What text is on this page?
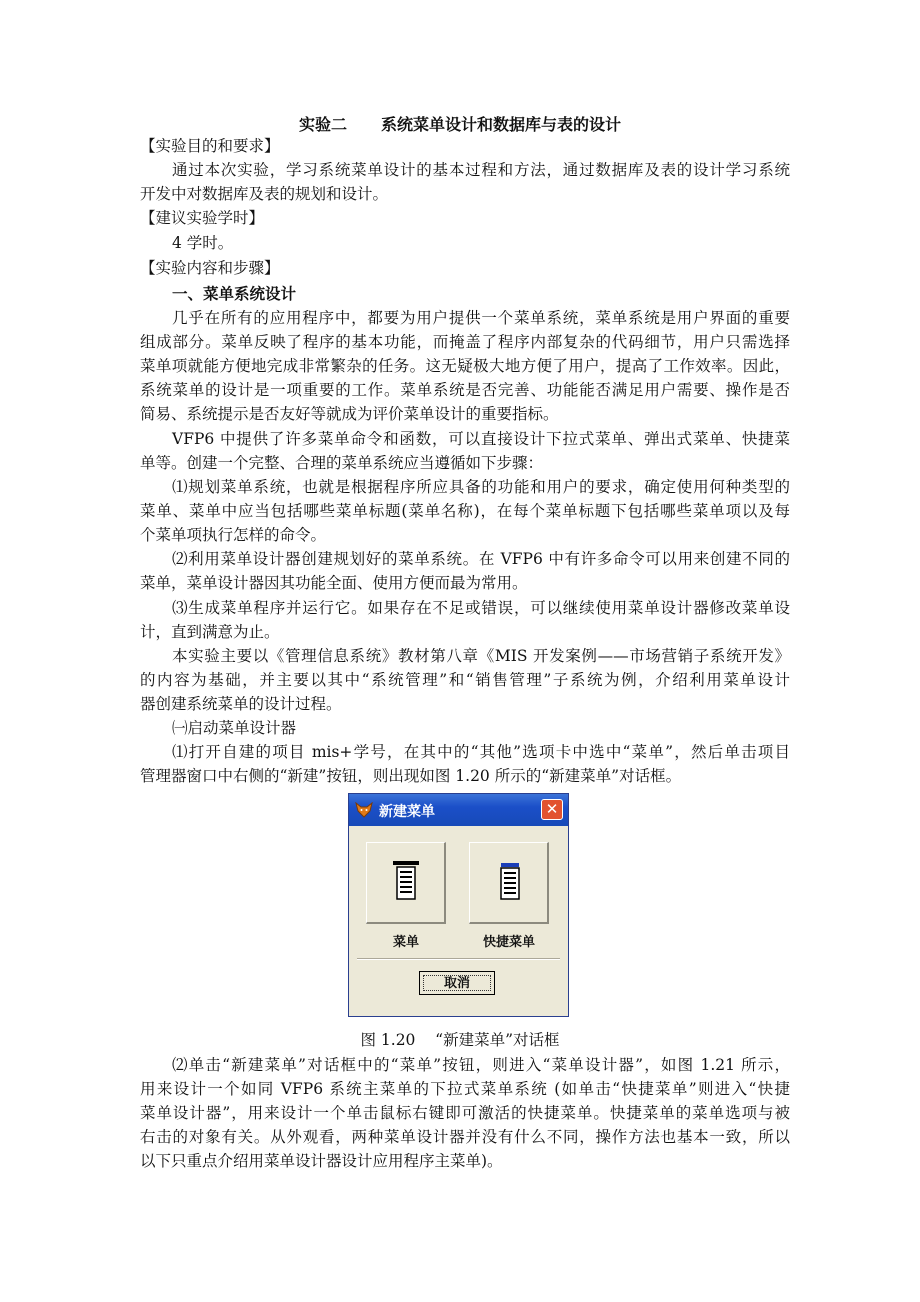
实验二 系统菜单设计和数据库与表的设计
【实验目的和要求】
通过本次实验，学习系统菜单设计的基本过程和方法，通过数据库及表的设计学习系统
开发中对数据库及表的规划和设计。
【建议实验学时】
4 学时。
【实验内容和步骤】
一、菜单系统设计
几乎在所有的应用程序中，都要为用户提供一个菜单系统，菜单系统是用户界面的重要
组成部分。菜单反映了程序的基本功能，而掩盖了程序内部复杂的代码细节，用户只需选择
菜单项就能方便地完成非常繁杂的任务。这无疑极大地方便了用户，提高了工作效率。因此，
系统菜单的设计是一项重要的工作。菜单系统是否完善、功能能否满足用户需要、操作是否
简易、系统提示是否友好等就成为评价菜单设计的重要指标。
VFP6 中提供了许多菜单命令和函数，可以直接设计下拉式菜单、弹出式菜单、快捷菜
单等。创建一个完整、合理的菜单系统应当遵循如下步骤：
⑴规划菜单系统，也就是根据程序所应具备的功能和用户的要求，确定使用何种类型的
菜单、菜单中应当包括哪些菜单标题(菜单名称)，在每个菜单标题下包括哪些菜单项以及每
个菜单项执行怎样的命令。
⑵利用菜单设计器创建规划好的菜单系统。在 VFP6 中有许多命令可以用来创建不同的
菜单，菜单设计器因其功能全面、使用方便而最为常用。
⑶生成菜单程序并运行它。如果存在不足或错误，可以继续使用菜单设计器修改菜单设
计，直到满意为止。
本实验主要以《管理信息系统》教材第八章《MIS 开发案例——市场营销子系统开发》
的内容为基础，并主要以其中“系统管理”和“销售管理”子系统为例，介绍利用菜单设计
器创建系统菜单的设计过程。
㈠启动菜单设计器
⑴打开自建的项目 mis+学号，在其中的“其他”选项卡中选中“菜单”，然后单击项目
管理器窗口中右侧的“新建”按钮，则出现如图 1.20 所示的“新建菜单”对话框。
新建菜单	✕
菜单	快捷菜单
取消
图 1.20 “新建菜单”对话框
⑵单击“新建菜单”对话框中的“菜单”按钮，则进入“菜单设计器”，如图 1.21 所示，
用来设计一个如同 VFP6 系统主菜单的下拉式菜单系统 (如单击“快捷菜单”则进入“快捷
菜单设计器”，用来设计一个单击鼠标右键即可激活的快捷菜单。快捷菜单的菜单选项与被
右击的对象有关。从外观看，两种菜单设计器并没有什么不同，操作方法也基本一致，所以
以下只重点介绍用菜单设计器设计应用程序主菜单)。
